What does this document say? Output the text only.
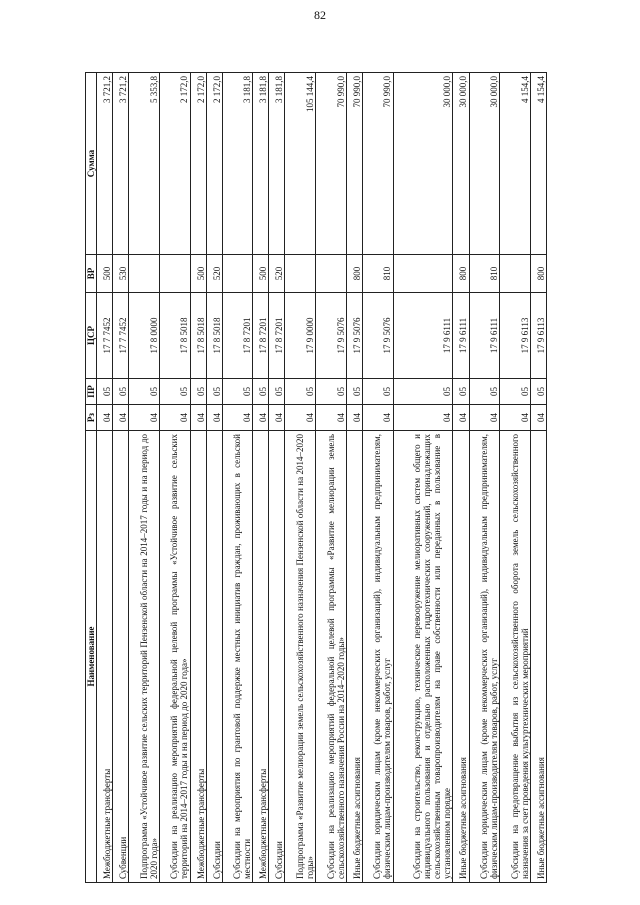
82
Наименование	Рз	ПР	ЦСР	ВР	Сумма
Межбюджетные трансферты	04	05	17 7 7452	500	3 721,2
Субвенции	04	05	17 7 7452	530	3 721,2
Подпрограмма «Устойчивое развитие сельских территорий Пензенской области на 2014–2017 годы и на период до 2020 года»	04	05	17 8 0000		5 353,8
Субсидии на реализацию мероприятий федеральной целевой программы «Устойчивое развитие сельских территорий на 2014–2017 годы и на период до 2020 года»	04	05	17 8 5018		2 172,0
Межбюджетные трансферты	04	05	17 8 5018	500	2 172,0
Субсидии	04	05	17 8 5018	520	2 172,0
Субсидии на мероприятия по грантовой поддержке местных инициатив граждан, проживающих в сельской местности	04	05	17 8 7201		3 181,8
Межбюджетные трансферты	04	05	17 8 7201	500	3 181,8
Субсидии	04	05	17 8 7201	520	3 181,8
Подпрограмма «Развитие мелиорации земель сельскохозяйственного назначения Пензенской области на 2014–2020 годы»	04	05	17 9 0000		105 144,4
Субсидии на реализацию мероприятий федеральной целевой программы «Развитие мелиорации земель сельскохозяйственного назначения России на 2014–2020 годы»	04	05	17 9 5076		70 990,0
Иные бюджетные ассигнования	04	05	17 9 5076	800	70 990,0
Субсидии юридическим лицам (кроме некоммерческих организаций), индивидуальным предпринимателям, физическим лицам-производителям товаров, работ, услуг	04	05	17 9 5076	810	70 990,0
Субсидии на строительство, реконструкцию, техническое перевооружение мелиоративных систем общего и индивидуального пользования и отдельно расположенных гидротехнических сооружений, принадлежащих сельскохозяйственным товаропроизводителям на праве собственности или переданных в пользование в установленном порядке	04	05	17 9 6111		30 000,0
Иные бюджетные ассигнования	04	05	17 9 6111	800	30 000,0
Субсидии юридическим лицам (кроме некоммерческих организаций), индивидуальным предпринимателям, физическим лицам-производителям товаров, работ, услуг	04	05	17 9 6111	810	30 000,0
Субсидии на предотвращение выбытия из сельскохозяйственного оборота земель сельскохозяйственного назначения за счет проведения культуртехнических мероприятий	04	05	17 9 6113		4 154,4
Иные бюджетные ассигнования	04	05	17 9 6113	800	4 154,4
